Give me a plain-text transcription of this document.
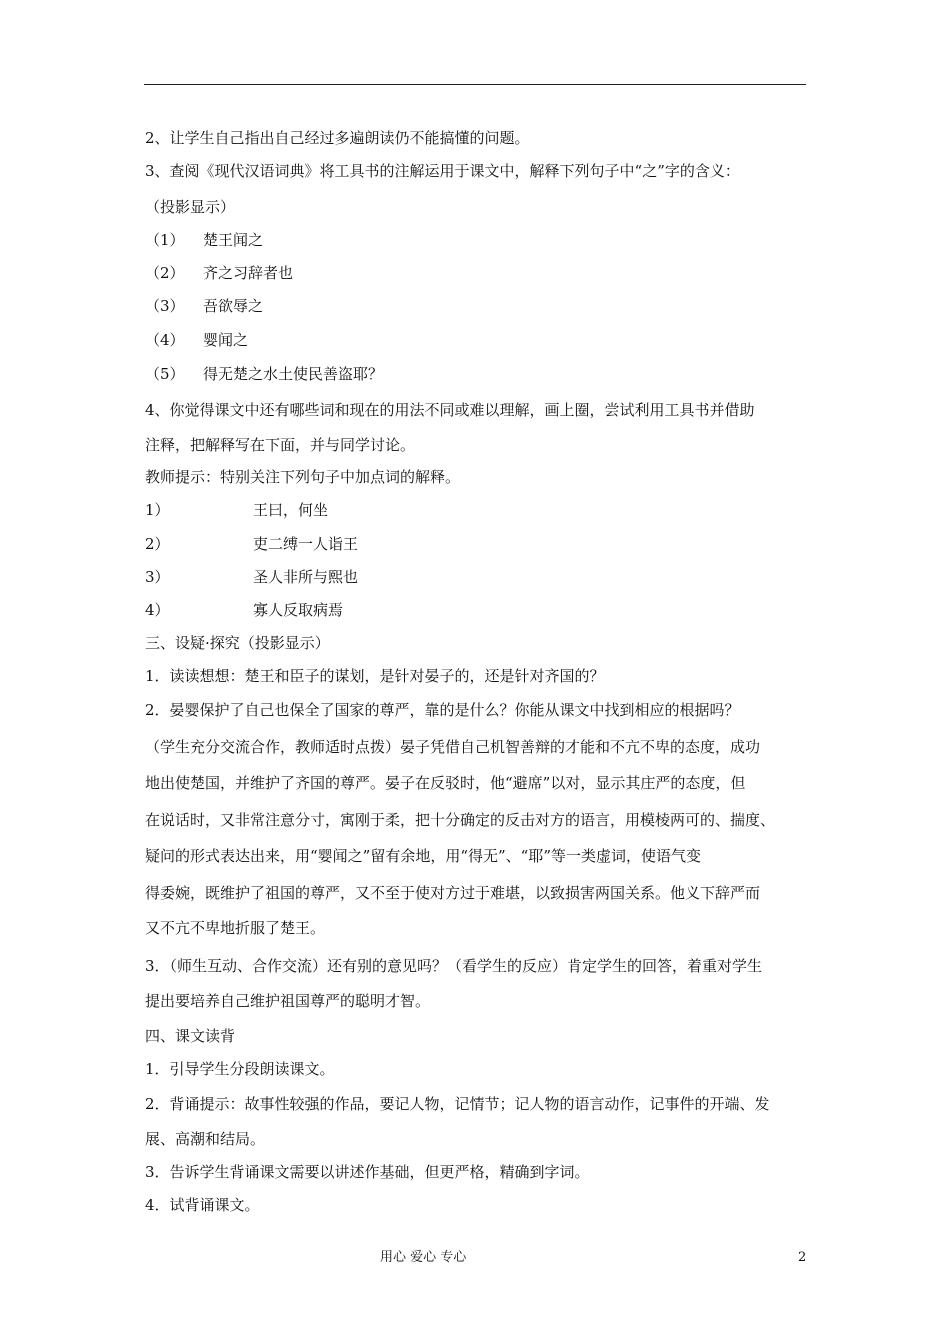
2、让学生自己指出自己经过多遍朗读仍不能搞懂的问题。
3、查阅《现代汉语词典》将工具书的注解运用于课文中，解释下列句子中“之”字的含义：
（投影显示）
（1） 楚王闻之
（2） 齐之习辞者也
（3） 吾欲辱之
（4） 婴闻之
（5） 得无楚之水土使民善盗耶？
4、你觉得课文中还有哪些词和现在的用法不同或难以理解，画上圈，尝试利用工具书并借助
注释，把解释写在下面，并与同学讨论。
教师提示：特别关注下列句子中加点词的解释。
1）	王曰，何坐
2）	吏二缚一人诣王
3）	圣人非所与熙也
4）	寡人反取病焉
三、设疑·探究（投影显示）
1．读读想想：楚王和臣子的谋划，是针对晏子的，还是针对齐国的？
2．晏婴保护了自己也保全了国家的尊严，靠的是什么？你能从课文中找到相应的根据吗？
（学生充分交流合作，教师适时点拨）晏子凭借自己机智善辩的才能和不亢不卑的态度，成功
地出使楚国，并维护了齐国的尊严。晏子在反驳时，他“避席”以对，显示其庄严的态度，但
在说话时，又非常注意分寸，寓刚于柔，把十分确定的反击对方的语言，用模棱两可的、揣度、
疑问的形式表达出来，用“婴闻之”留有余地，用“得无”、“耶”等一类虚词，使语气变
得委婉，既维护了祖国的尊严，又不至于使对方过于难堪，以致损害两国关系。他义下辞严而
又不亢不卑地折服了楚王。
3．（师生互动、合作交流）还有别的意见吗？（看学生的反应）肯定学生的回答，着重对学生
提出要培养自己维护祖国尊严的聪明才智。
四、课文读背
1．引导学生分段朗读课文。
2．背诵提示：故事性较强的作品，要记人物，记情节；记人物的语言动作，记事件的开端、发
展、高潮和结局。
3．告诉学生背诵课文需要以讲述作基础，但更严格，精确到字词。
4．试背诵课文。
用心 爱心 专心	2
